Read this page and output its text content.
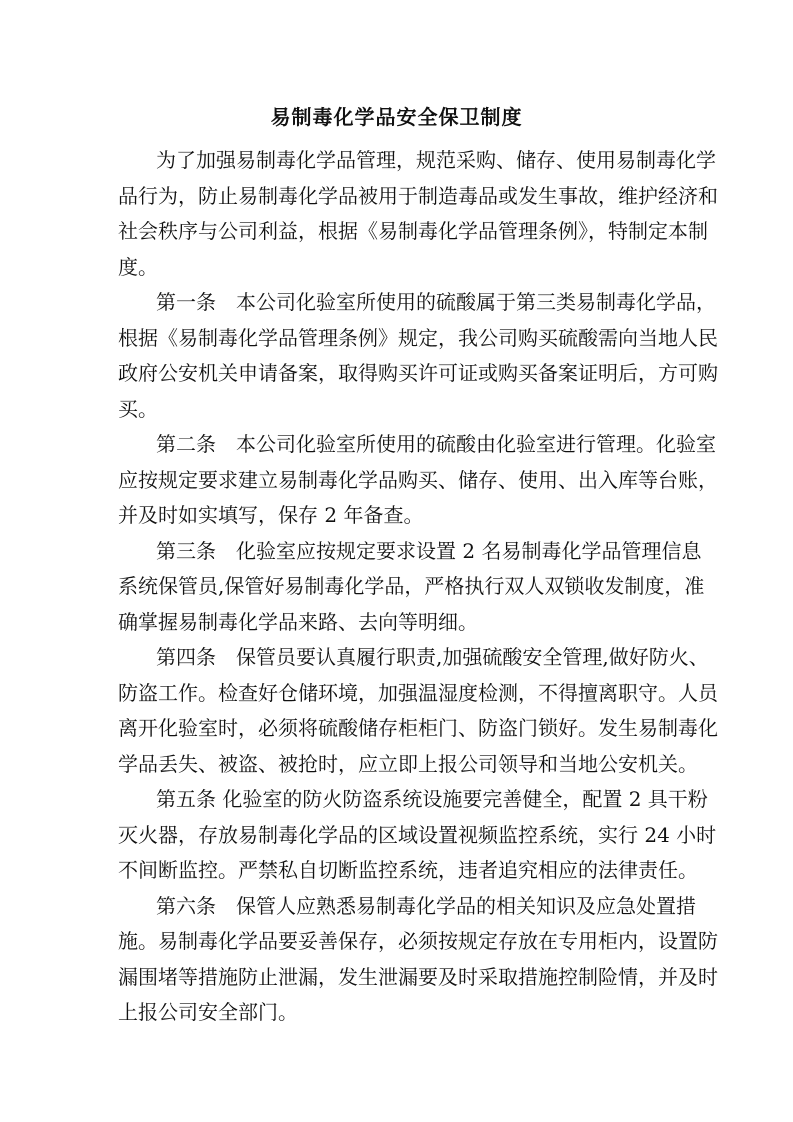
易制毒化学品安全保卫制度
为了加强易制毒化学品管理，规范采购、储存、使用易制毒化学
品行为，防止易制毒化学品被用于制造毒品或发生事故，维护经济和
社会秩序与公司利益，根据《易制毒化学品管理条例》，特制定本制
度。
第一条　本公司化验室所使用的硫酸属于第三类易制毒化学品，
根据《易制毒化学品管理条例》规定，我公司购买硫酸需向当地人民
政府公安机关申请备案，取得购买许可证或购买备案证明后，方可购
买。
第二条　本公司化验室所使用的硫酸由化验室进行管理。化验室
应按规定要求建立易制毒化学品购买、储存、使用、出入库等台账，
并及时如实填写，保存 2 年备查。
第三条　化验室应按规定要求设置 2 名易制毒化学品管理信息
系统保管员,保管好易制毒化学品，严格执行双人双锁收发制度，准
确掌握易制毒化学品来路、去向等明细。
第四条　保管员要认真履行职责,加强硫酸安全管理,做好防火、
防盗工作。检查好仓储环境，加强温湿度检测，不得擅离职守。人员
离开化验室时，必须将硫酸储存柜柜门、防盗门锁好。发生易制毒化
学品丢失、被盗、被抢时，应立即上报公司领导和当地公安机关。
第五条 化验室的防火防盗系统设施要完善健全，配置 2 具干粉
灭火器，存放易制毒化学品的区域设置视频监控系统，实行 24 小时
不间断监控。严禁私自切断监控系统，违者追究相应的法律责任。
第六条　保管人应熟悉易制毒化学品的相关知识及应急处置措
施。易制毒化学品要妥善保存，必须按规定存放在专用柜内，设置防
漏围堵等措施防止泄漏，发生泄漏要及时采取措施控制险情，并及时
上报公司安全部门。
